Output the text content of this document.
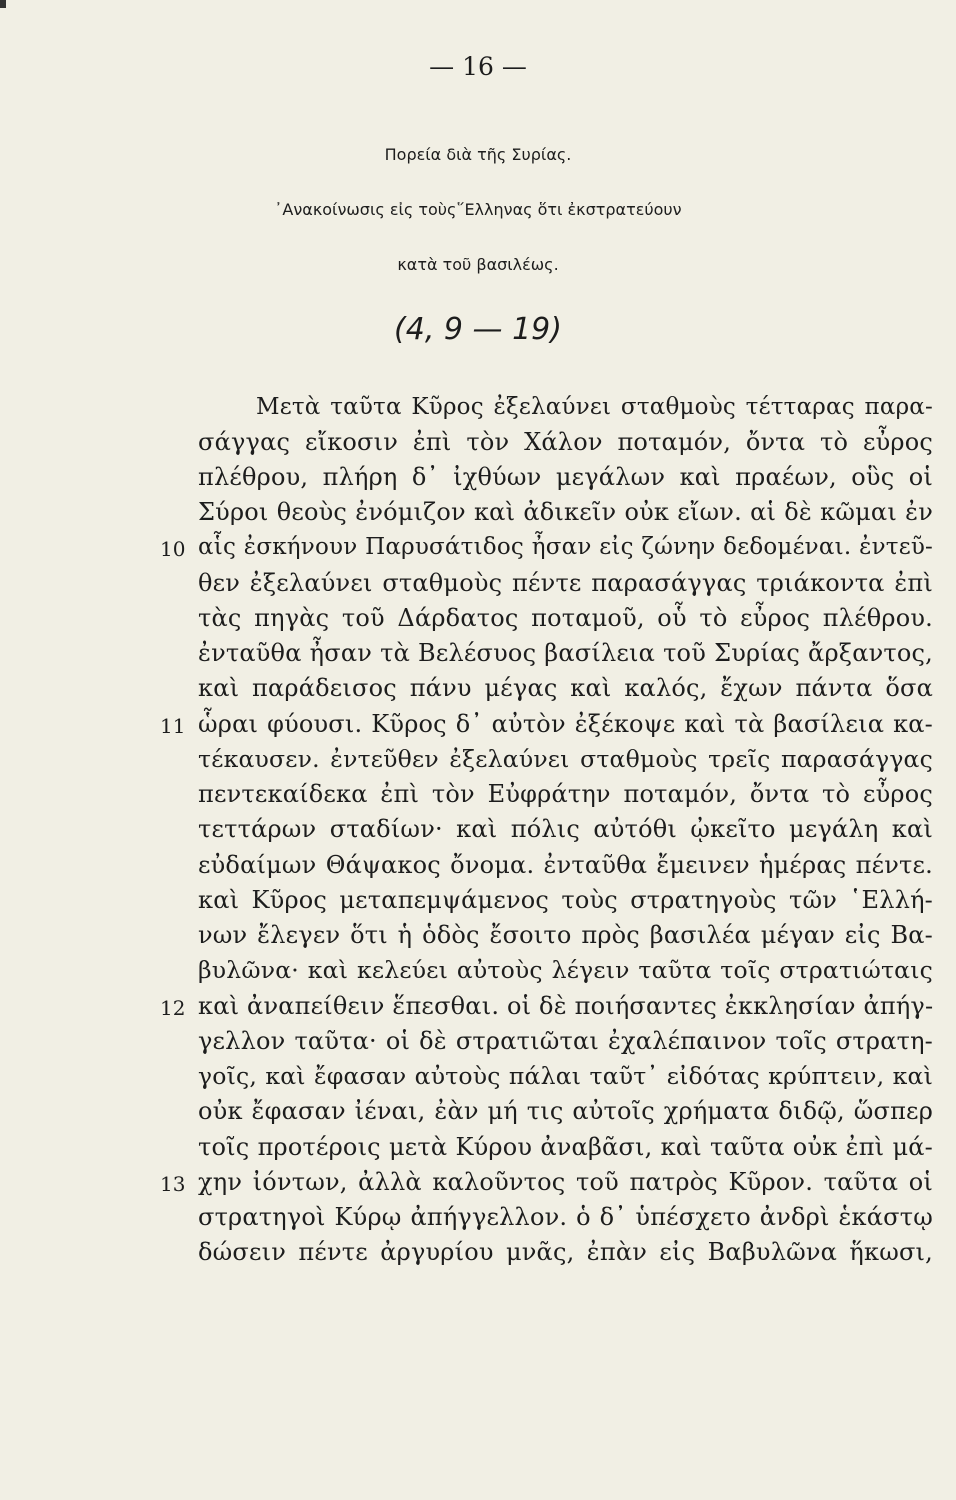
— 16 —
Πορεία διὰ τῆς Συρίας.
᾽Ανακοίνωσις εἰς τοὺς῞Ελληνας ὅτι ἐκστρατεύουν
κατὰ τοῦ βασιλέως.
(4, 9 — 19)
Μετὰ ταῦτα Κῦρος ἐξελαύνει σταθμοὺς τέτταρας παρα-
σάγγας εἴκοσιν ἐπὶ τὸν Χάλον ποταμόν, ὄντα τὸ εὖρος
πλέθρου, πλήρη δ᾽ ἰχθύων μεγάλων καὶ πραέων, οὓς οἱ
Σύροι θεοὺς ἐνόμιζον καὶ ἀδικεῖν οὐκ εἴων. αἱ δὲ κῶμαι ἐν
αἷς ἐσκήνουν Παρυσάτιδος ἦσαν εἰς ζώνην δεδομέναι. ἐντεῦ-
θεν ἐξελαύνει σταθμοὺς πέντε παρασάγγας τριάκοντα ἐπὶ
τὰς πηγὰς τοῦ Δάρδατος ποταμοῦ, οὗ τὸ εὖρος πλέθρου.
ἐνταῦθα ἦσαν τὰ Βελέσυος βασίλεια τοῦ Συρίας ἄρξαντος,
καὶ παράδεισος πάνυ μέγας καὶ καλός, ἔχων πάντα ὅσα
ὧραι φύουσι. Κῦρος δ᾽ αὐτὸν ἐξέκοψε καὶ τὰ βασίλεια κα-
τέκαυσεν. ἐντεῦθεν ἐξελαύνει σταθμοὺς τρεῖς παρασάγγας
πεντεκαίδεκα ἐπὶ τὸν Εὐφράτην ποταμόν, ὄντα τὸ εὖρος
τεττάρων σταδίων· καὶ πόλις αὐτόθι ᾠκεῖτο μεγάλη καὶ
εὐδαίμων Θάψακος ὄνομα. ἐνταῦθα ἔμεινεν ἡμέρας πέντε.
καὶ Κῦρος μεταπεμψάμενος τοὺς στρατηγοὺς τῶν ῾Ελλή-
νων ἔλεγεν ὅτι ἡ ὁδὸς ἔσοιτο πρὸς βασιλέα μέγαν εἰς Βα-
βυλῶνα· καὶ κελεύει αὐτοὺς λέγειν ταῦτα τοῖς στρατιώταις
καὶ ἀναπείθειν ἕπεσθαι. οἱ δὲ ποιήσαντες ἐκκλησίαν ἀπήγ-
γελλον ταῦτα· οἱ δὲ στρατιῶται ἐχαλέπαινον τοῖς στρατη-
γοῖς, καὶ ἔφασαν αὐτοὺς πάλαι ταῦτ᾽ εἰδότας κρύπτειν, καὶ
οὐκ ἔφασαν ἰέναι, ἐὰν μή τις αὐτοῖς χρήματα διδῷ, ὥσπερ
τοῖς προτέροις μετὰ Κύρου ἀναβᾶσι, καὶ ταῦτα οὐκ ἐπὶ μά-
χην ἰόντων, ἀλλὰ καλοῦντος τοῦ πατρὸς Κῦρον. ταῦτα οἱ
στρατηγοὶ Κύρῳ ἀπήγγελλον. ὁ δ᾽ ὑπέσχετο ἀνδρὶ ἑκάστῳ
δώσειν πέντε ἀργυρίου μνᾶς, ἐπὰν εἰς Βαβυλῶνα ἥκωσι,
10
11
12
13
